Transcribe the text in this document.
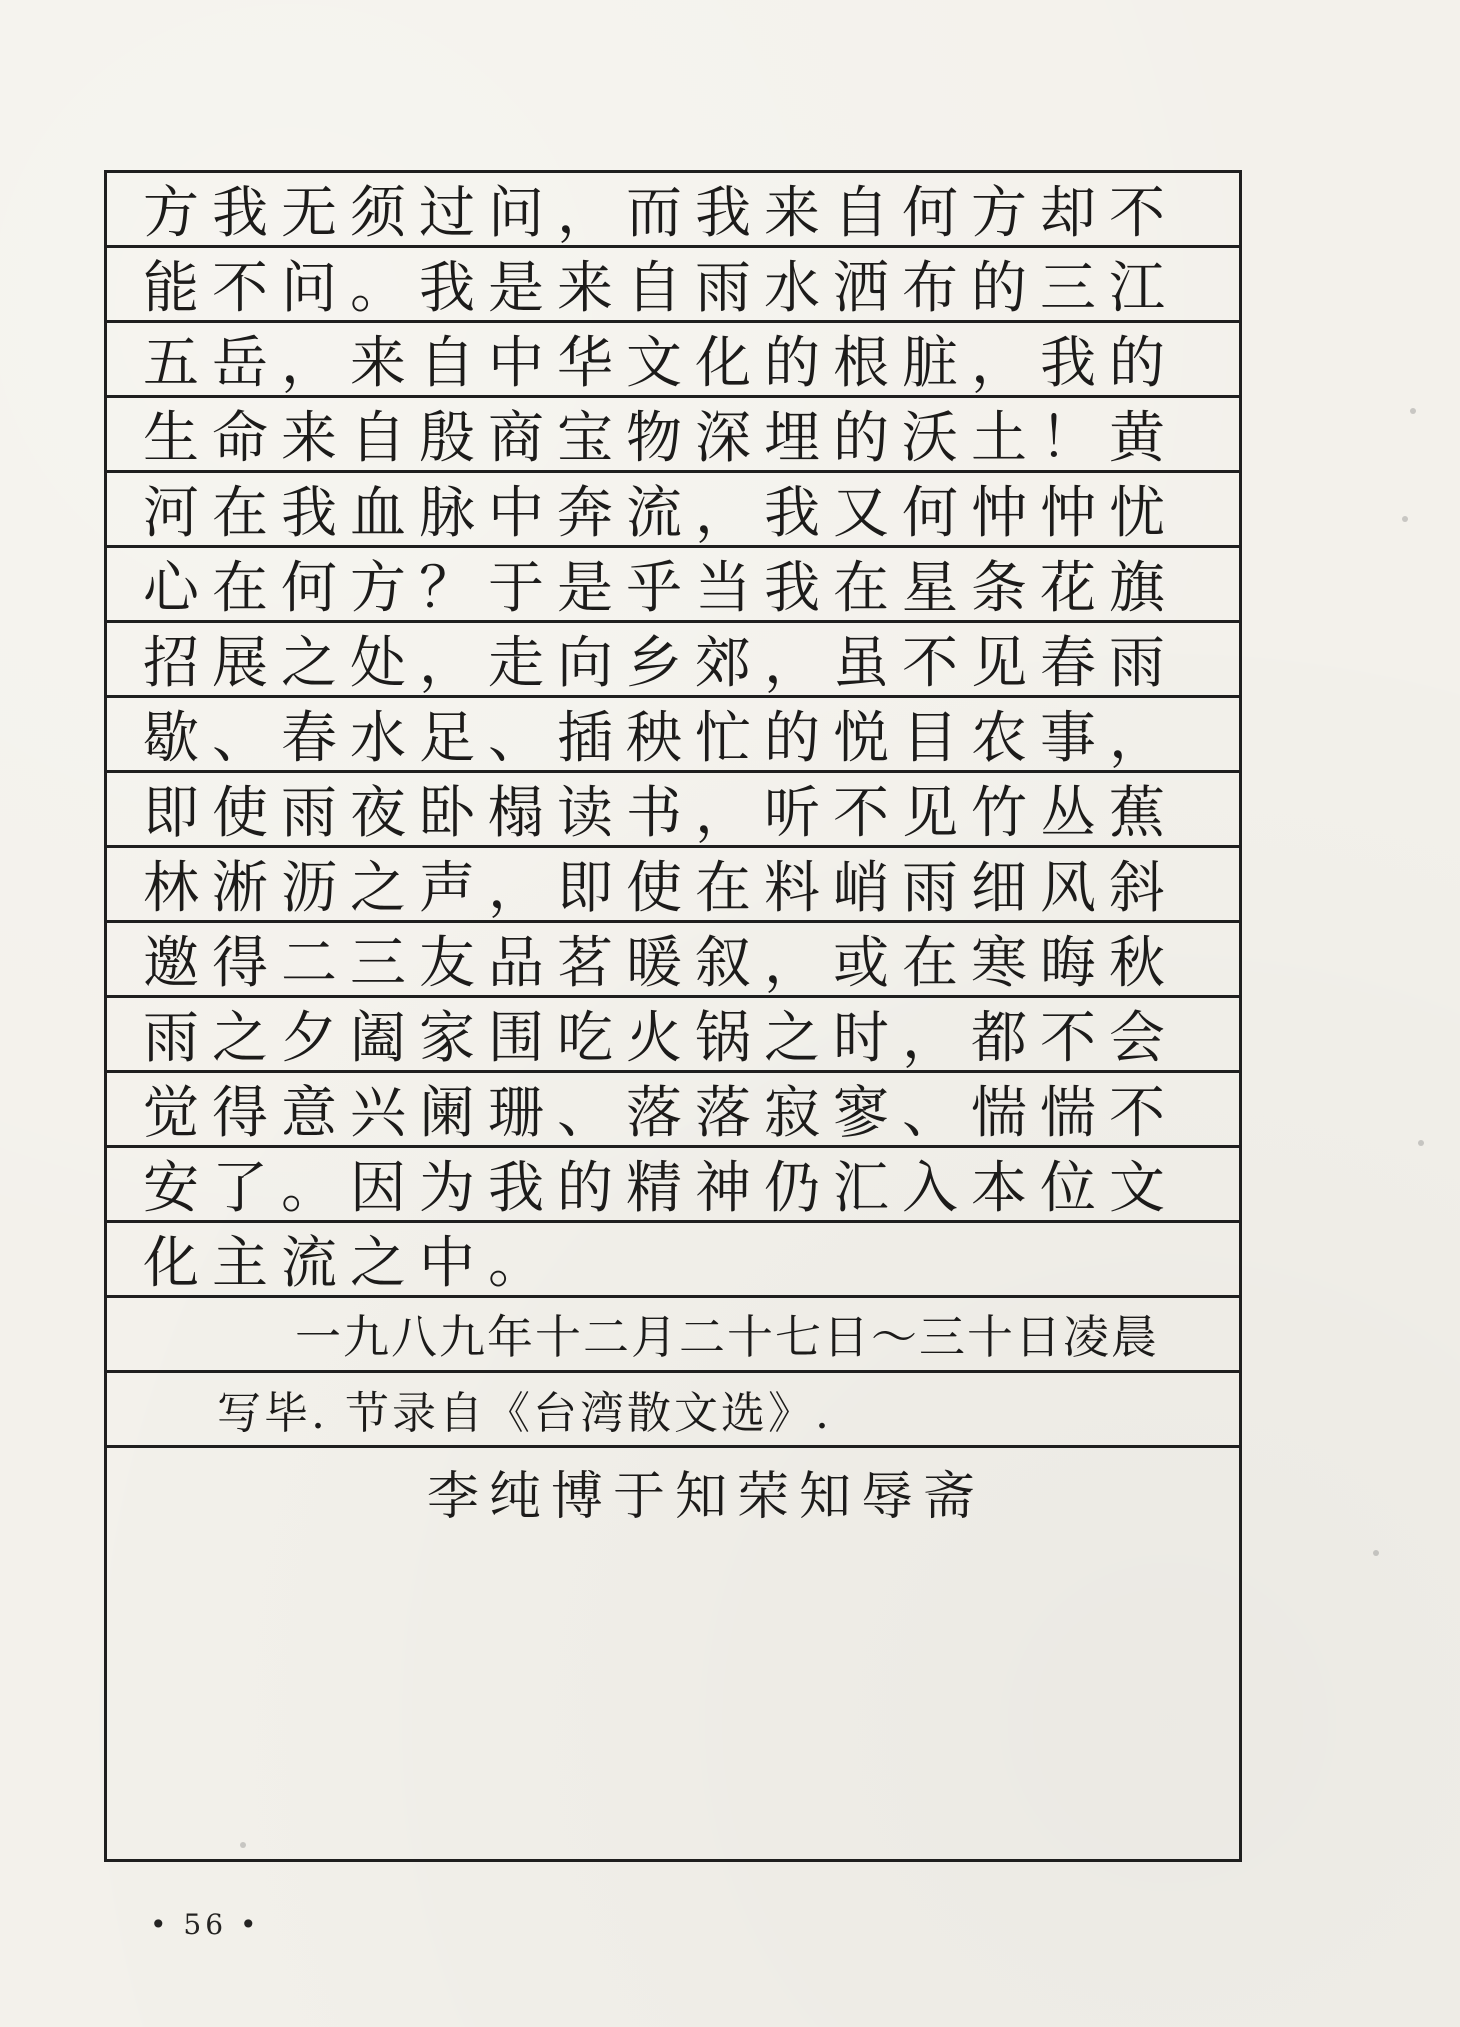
方我无须过问，而我来自何方却不
能不问。我是来自雨水洒布的三江
五岳，来自中华文化的根脏，我的
生命来自殷商宝物深埋的沃土！黄
河在我血脉中奔流，我又何忡忡忧
心在何方？于是乎当我在星条花旗
招展之处，走向乡郊，虽不见春雨
歇、春水足、插秧忙的悦目农事，
即使雨夜卧榻读书，听不见竹丛蕉
林淅沥之声，即使在料峭雨细风斜
邀得二三友品茗暖叙，或在寒晦秋
雨之夕阖家围吃火锅之时，都不会
觉得意兴阑珊、落落寂寥、惴惴不
安了。因为我的精神仍汇入本位文
化主流之中。
一九八九年十二月二十七日～三十日凌晨
写毕. 节录自《台湾散文选》.
李纯博于知荣知辱斋
• 56 •
